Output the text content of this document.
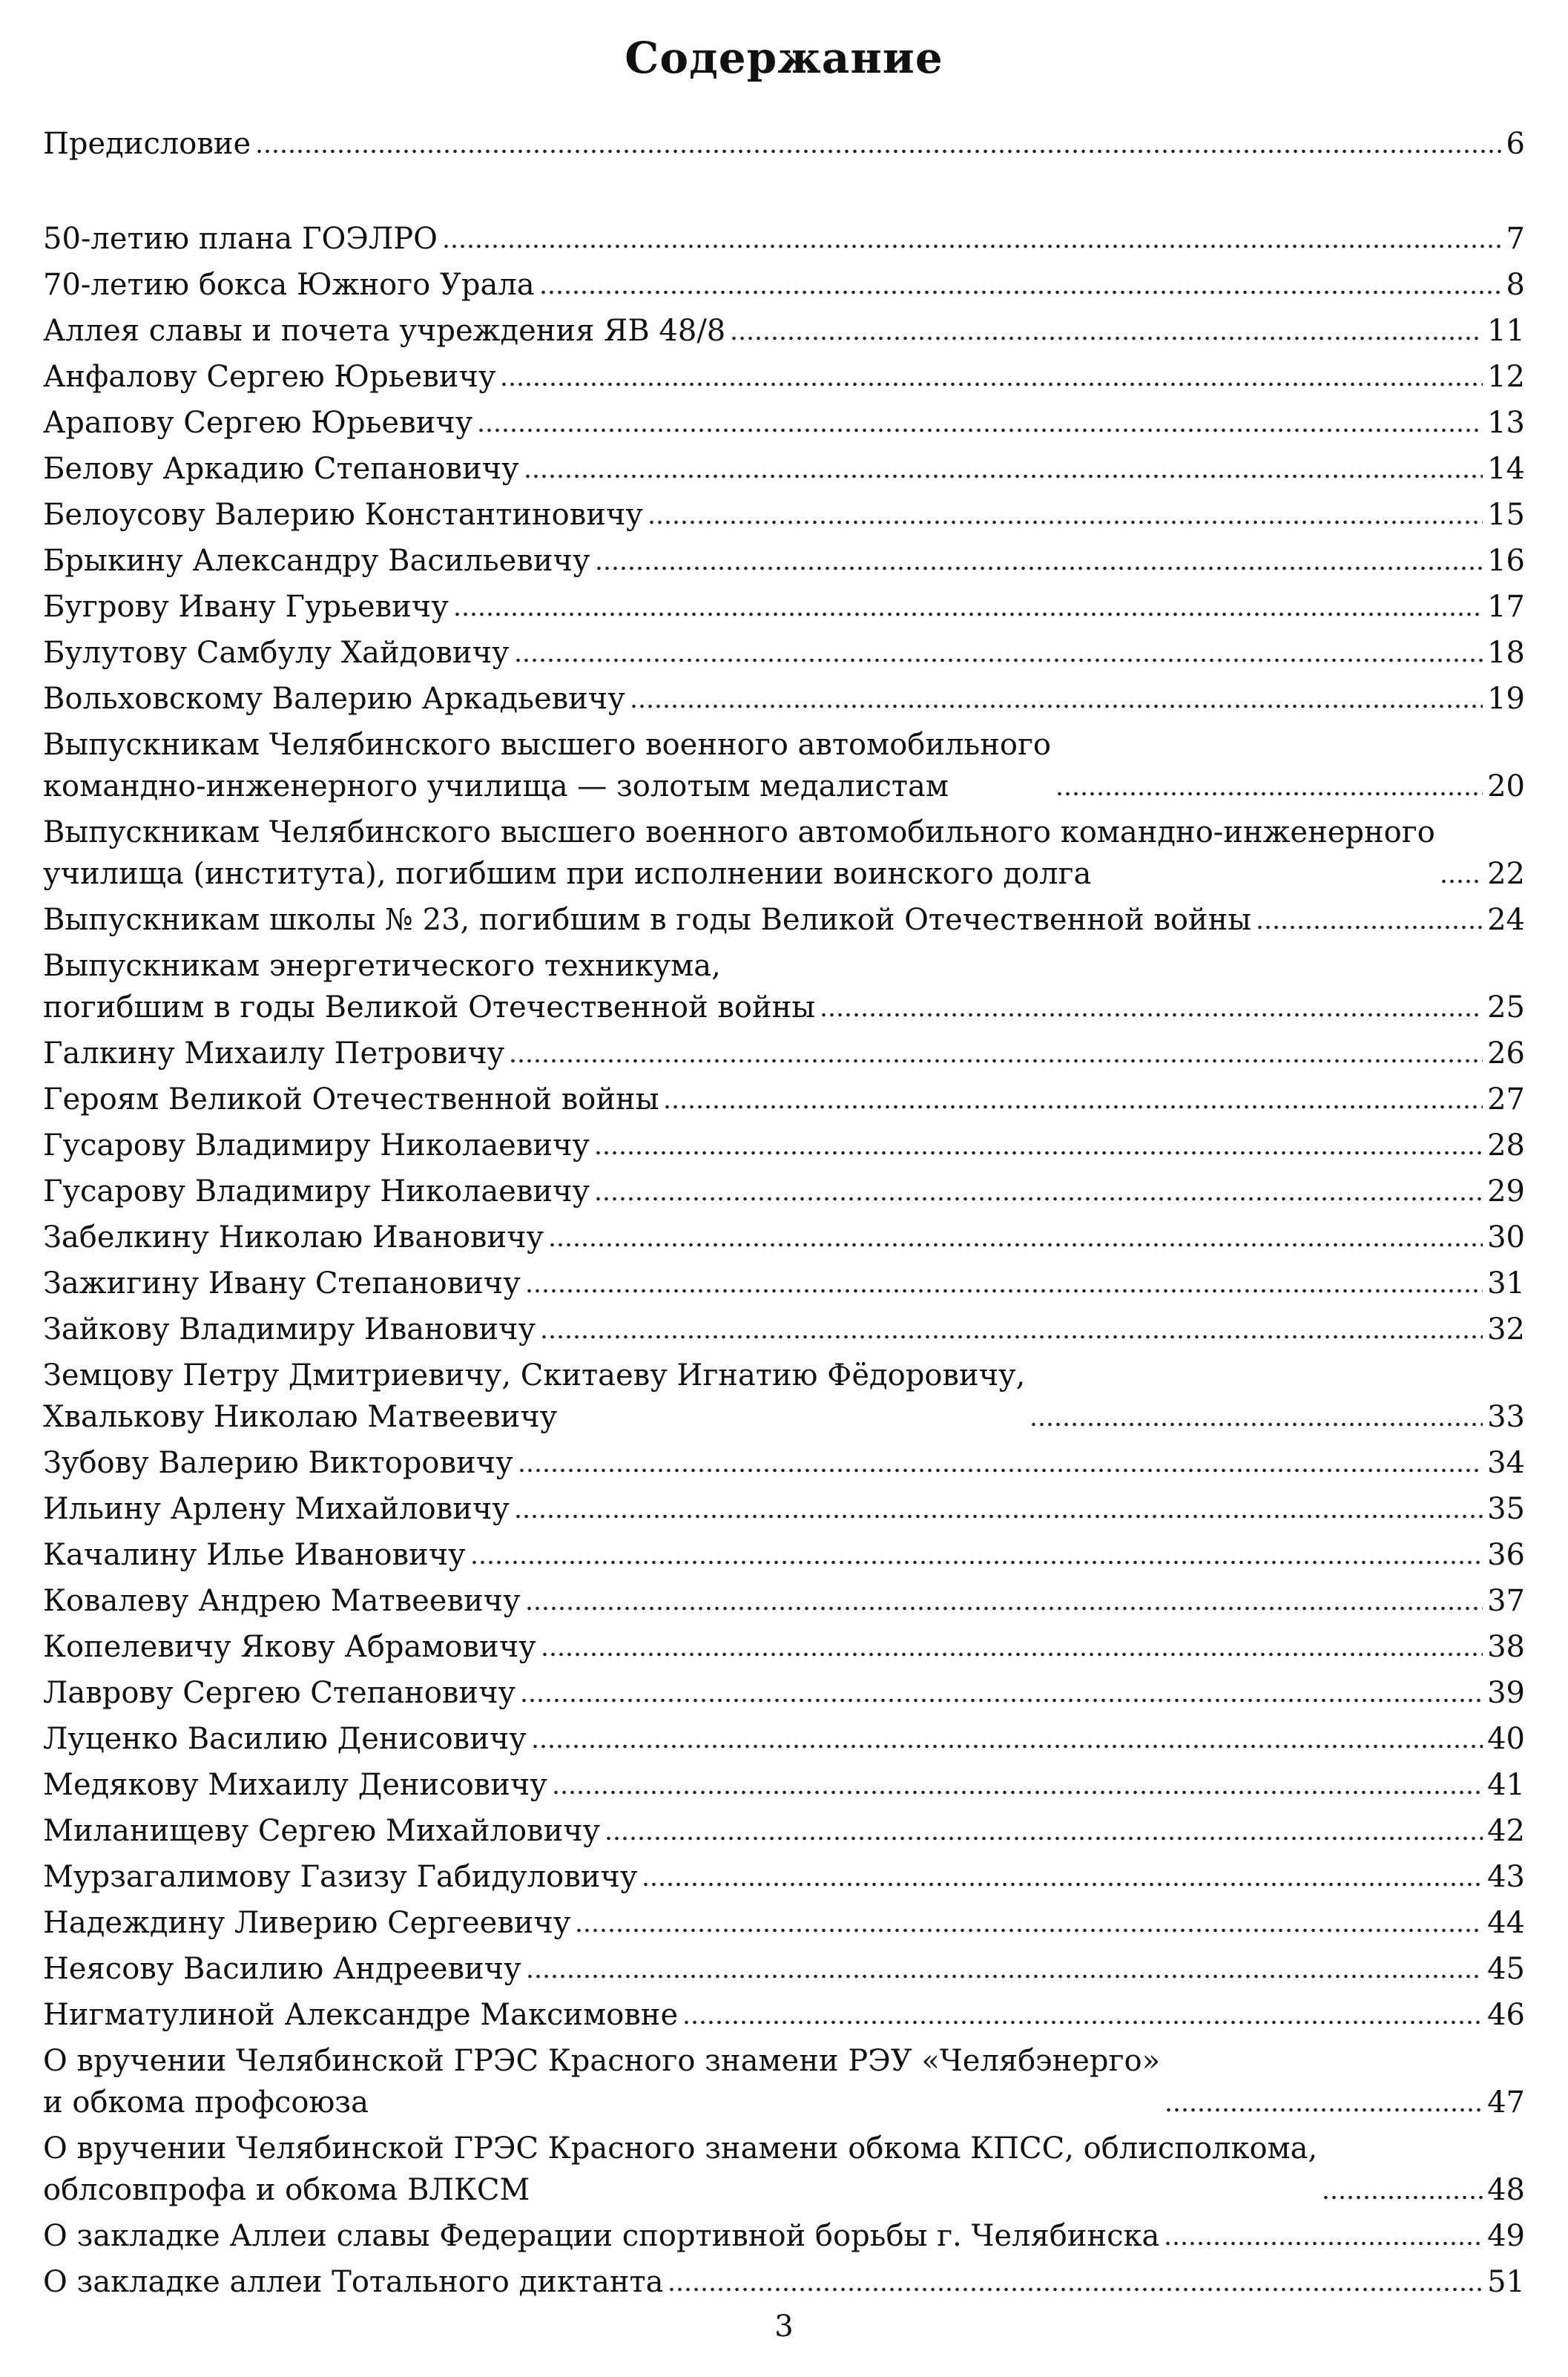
Содержание
Предисловие	6
50-летию плана ГОЭЛРО	7
70-летию бокса Южного Урала	8
Аллея славы и почета учреждения ЯВ 48/8	11
Анфалову Сергею Юрьевичу	12
Арапову Сергею Юрьевичу	13
Белову Аркадию Степановичу	14
Белоусову Валерию Константиновичу	15
Брыкину Александру Васильевичу	16
Бугрову Ивану Гурьевичу	17
Булутову Самбулу Хайдовичу	18
Вольховскому Валерию Аркадьевичу	19
Выпускникам Челябинского высшего военного автомобильного
командно-инженерного училища — золотым медалистам	20
Выпускникам Челябинского высшего военного автомобильного командно-инженерного
училища (института), погибшим при исполнении воинского долга	22
Выпускникам школы № 23, погибшим в годы Великой Отечественной войны	24
Выпускникам энергетического техникума,
погибшим в годы Великой Отечественной войны	25
Галкину Михаилу Петровичу	26
Героям Великой Отечественной войны	27
Гусарову Владимиру Николаевичу	28
Гусарову Владимиру Николаевичу	29
Забелкину Николаю Ивановичу	30
Зажигину Ивану Степановичу	31
Зайкову Владимиру Ивановичу	32
Земцову Петру Дмитриевичу, Скитаеву Игнатию Фёдоровичу,
Хвалькову Николаю Матвеевичу	33
Зубову Валерию Викторовичу	34
Ильину Арлену Михайловичу	35
Качалину Илье Ивановичу	36
Ковалеву Андрею Матвеевичу	37
Копелевичу Якову Абрамовичу	38
Лаврову Сергею Степановичу	39
Луценко Василию Денисовичу	40
Медякову Михаилу Денисовичу	41
Миланищеву Сергею Михайловичу	42
Мурзагалимову Газизу Габидуловичу	43
Надеждину Ливерию Сергеевичу	44
Неясову Василию Андреевичу	45
Нигматулиной Александре Максимовне	46
О вручении Челябинской ГРЭС Красного знамени РЭУ «Челябэнерго»
и обкома профсоюза	47
О вручении Челябинской ГРЭС Красного знамени обкома КПСС, облисполкома,
облсовпрофа и обкома ВЛКСМ	48
О закладке Аллеи славы Федерации спортивной борьбы г. Челябинска	49
О закладке аллеи Тотального диктанта	51
3
